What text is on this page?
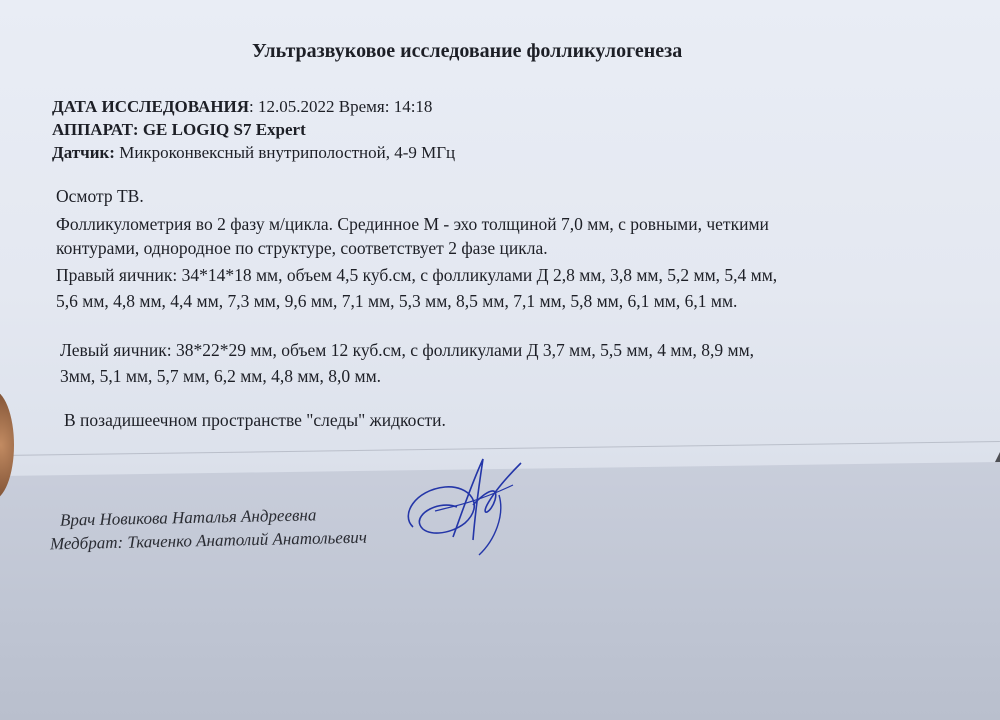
Ультразвуковое исследование фолликулогенеза
ДАТА ИССЛЕДОВАНИЯ: 12.05.2022 Время: 14:18
АППАРАТ: GE LOGIQ S7 Expert
Датчик: Микроконвексный внутриполостной, 4-9 МГц
Осмотр ТВ.
Фолликулометрия во 2 фазу м/цикла. Срединное М - эхо толщиной 7,0 мм, с ровными, четкими
контурами, однородное по структуре, соответствует 2 фазе цикла.
Правый яичник: 34*14*18 мм, объем 4,5 куб.см, с фолликулами Д 2,8 мм, 3,8 мм, 5,2 мм, 5,4 мм,
5,6 мм, 4,8 мм, 4,4 мм, 7,3 мм, 9,6 мм, 7,1 мм, 5,3 мм, 8,5 мм, 7,1 мм, 5,8 мм, 6,1 мм, 6,1 мм.
Левый яичник: 38*22*29 мм, объем 12 куб.см, с фолликулами Д 3,7 мм, 5,5 мм, 4 мм, 8,9 мм,
3мм, 5,1 мм, 5,7 мм, 6,2 мм, 4,8 мм, 8,0 мм.
В позадишеечном пространстве "следы" жидкости.
Врач Новикова Наталья Андреевна
Медбрат: Ткаченко Анатолий Анатольевич
